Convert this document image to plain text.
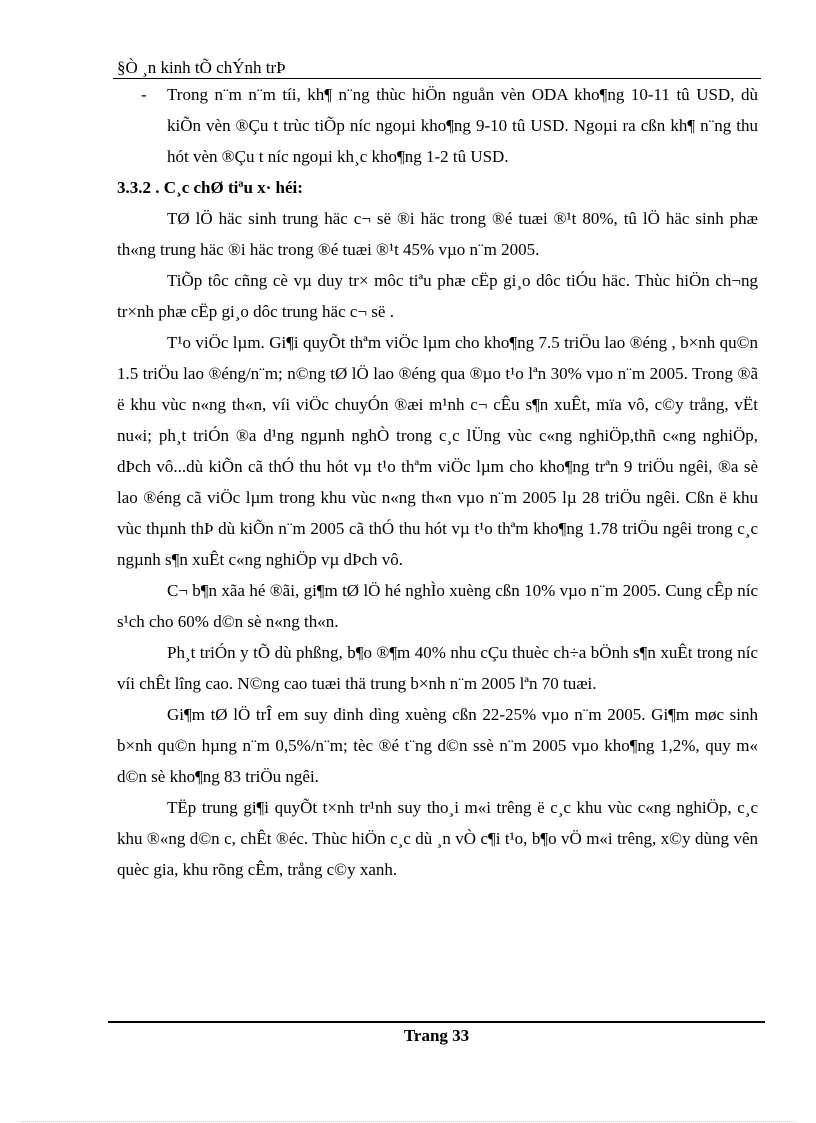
§Ò ¸n kinh tÕ chÝnh trÞ
-	Trong n¨m n¨m tíi, kh¶ n¨ng thùc hiÖn nguån vèn ODA kho¶ng 10-11 tû USD, dù kiÕn vèn ®Çu t trùc tiÕp níc ngoµi kho¶ng 9-10 tû USD. Ngoµi ra cßn kh¶ n¨ng thu hót vèn ®Çu t níc ngoµi kh¸c kho¶ng 1-2 tû USD.

3.3.2 . C¸c chØ tiªu x· héi:

TØ lÖ häc sinh trung häc c¬ së ®i häc trong ®é tuæi ®¹t 80%, tû lÖ häc sinh phæ th«ng trung häc ®i häc trong ®é tuæi ®¹t 45% vµo n¨m 2005.

TiÕp tôc cñng cè vµ duy tr× môc tiªu phæ cËp gi¸o dôc tiÓu häc. Thùc hiÖn ch¬ng tr×nh phæ cËp gi¸o dôc trung häc c¬ së .

T¹o viÖc lµm. Gi¶i quyÕt thªm viÖc lµm cho kho¶ng 7.5 triÖu lao ®éng , b×nh qu©n 1.5 triÖu lao ®éng/n¨m; n©ng tØ lÖ lao ®éng qua ®µo t¹o lªn 30% vµo n¨m 2005. Trong ®ã ë khu vùc n«ng th«n, víi viÖc chuyÓn ®æi m¹nh c¬ cÊu s¶n xuÊt, mïa vô, c©y trång, vËt nu«i; ph¸t triÓn ®a d¹ng ngµnh nghÒ trong c¸c lÜng vùc c«ng nghiÖp,thñ c«ng nghiÖp, dÞch vô...dù kiÕn cã thÓ thu hót vµ t¹o thªm viÖc lµm cho kho¶ng trªn 9 triÖu ngêi, ®a sè lao ®éng cã viÖc lµm trong khu vùc n«ng th«n vµo n¨m 2005 lµ 28 triÖu ngêi. Cßn ë khu vùc thµnh thÞ dù kiÕn n¨m 2005 cã thÓ thu hót vµ t¹o thªm kho¶ng 1.78 triÖu ngêi trong c¸c ngµnh s¶n xuÊt c«ng nghiÖp vµ dÞch vô.

C¬ b¶n xãa hé ®ãi, gi¶m tØ lÖ hé nghÌo xuèng cßn 10% vµo n¨m 2005. Cung cÊp níc s¹ch cho 60% d©n sè n«ng th«n.

Ph¸t triÓn y tÕ dù phßng, b¶o ®¶m 40% nhu cÇu thuèc ch÷a bÖnh s¶n xuÊt trong níc víi chÊt lîng cao. N©ng cao tuæi thä trung b×nh n¨m 2005 lªn 70 tuæi.

Gi¶m tØ lÖ trÎ em suy dinh dìng xuèng cßn 22-25% vµo n¨m 2005. Gi¶m møc sinh b×nh qu©n hµng n¨m 0,5%/n¨m; tèc ®é t¨ng d©n ssè n¨m 2005 vµo kho¶ng 1,2%, quy m« d©n sè kho¶ng 83 triÖu ngêi.

TËp trung gi¶i quyÕt t×nh tr¹nh suy tho¸i m«i trêng ë c¸c khu vùc c«ng nghiÖp, c¸c khu ®«ng d©n c, chÊt ®éc. Thùc hiÖn c¸c dù ¸n vÒ c¶i t¹o, b¶o vÖ m«i trêng, x©y dùng vên quèc gia, khu rõng cÊm, trång c©y xanh.

Trang 33
